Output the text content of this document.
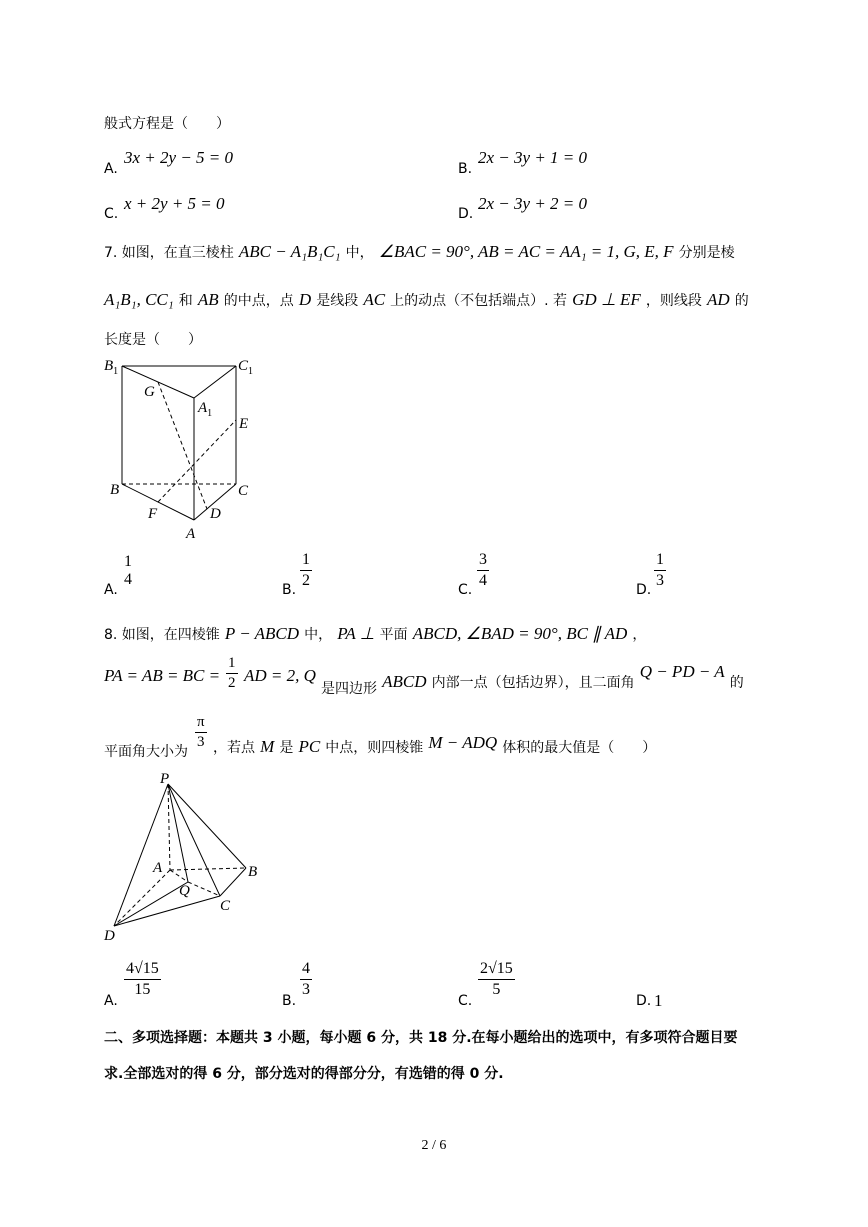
般式方程是（　　）
A.
3x + 2y − 5 = 0
B.
2x − 3y + 1 = 0
C.
x + 2y + 5 = 0
D.
2x − 3y + 2 = 0
7. 如图，在直三棱柱 ABC − A₁B₁C₁ 中， ∠BAC = 90°, AB = AC = AA₁ = 1, G, E, F 分别是棱
A₁B₁, CC₁ 和 AB 的中点，点 D 是线段 AC 上的动点（不包括端点）. 若 GD ⊥ EF ，则线段 AD 的
长度是（　　）
$B_1$	$C_1$
G
$A_1$
E
B	C
F	D
A
A.
1
4
B.
1
2
C.
3
4
D.
1
3
8. 如图，在四棱锥 P − ABCD 中， PA ⊥ 平面 ABCD, ∠BAD = 90°, BC ∥ AD ，
PA = AB = BC =
1
2 AD = 2, Q 是四边形 ABCD 内部一点（包括边界），且二面角 Q − PD − A 的
平面角大小为
π
3 ，若点 M 是 PC 中点，则四棱锥 M − ADQ 体积的最大值是（　　）
P
A	B
Q
C
D
A.
4√15
15
B.
4
3
C.
2√15
5
D. 1
二、多项选择题：本题共 3 小题，每小题 6 分，共 18 分.在每小题给出的选项中，有多项符合题目要
求.全部选对的得 6 分，部分选对的得部分分，有选错的得 0 分.
2 / 6
